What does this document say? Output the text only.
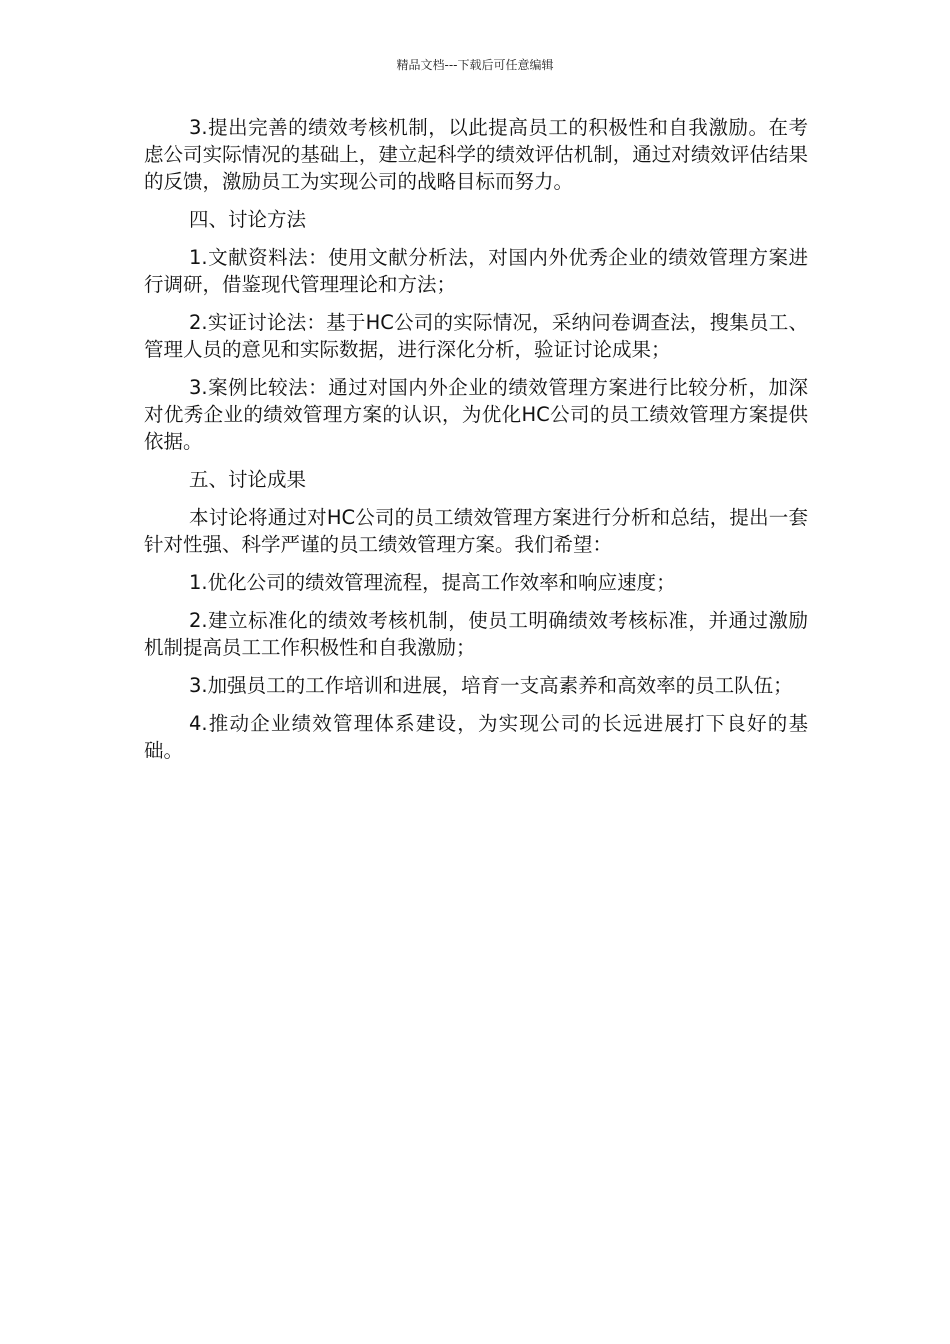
精品文档---下载后可任意编辑

3.提出完善的绩效考核机制，以此提高员工的积极性和自我激励。在考虑公司实际情况的基础上，建立起科学的绩效评估机制，通过对绩效评估结果的反馈，激励员工为实现公司的战略目标而努力。

四、讨论方法

1.文献资料法：使用文献分析法，对国内外优秀企业的绩效管理方案进行调研，借鉴现代管理理论和方法；

2.实证讨论法：基于HC公司的实际情况，采纳问卷调查法，搜集员工、管理人员的意见和实际数据，进行深化分析，验证讨论成果；

3.案例比较法：通过对国内外企业的绩效管理方案进行比较分析，加深对优秀企业的绩效管理方案的认识，为优化HC公司的员工绩效管理方案提供依据。

五、讨论成果

本讨论将通过对HC公司的员工绩效管理方案进行分析和总结，提出一套针对性强、科学严谨的员工绩效管理方案。我们希望：

1.优化公司的绩效管理流程，提高工作效率和响应速度；

2.建立标准化的绩效考核机制，使员工明确绩效考核标准，并通过激励机制提高员工工作积极性和自我激励；

3.加强员工的工作培训和进展，培育一支高素养和高效率的员工队伍；

4.推动企业绩效管理体系建设，为实现公司的长远进展打下良好的基础。
